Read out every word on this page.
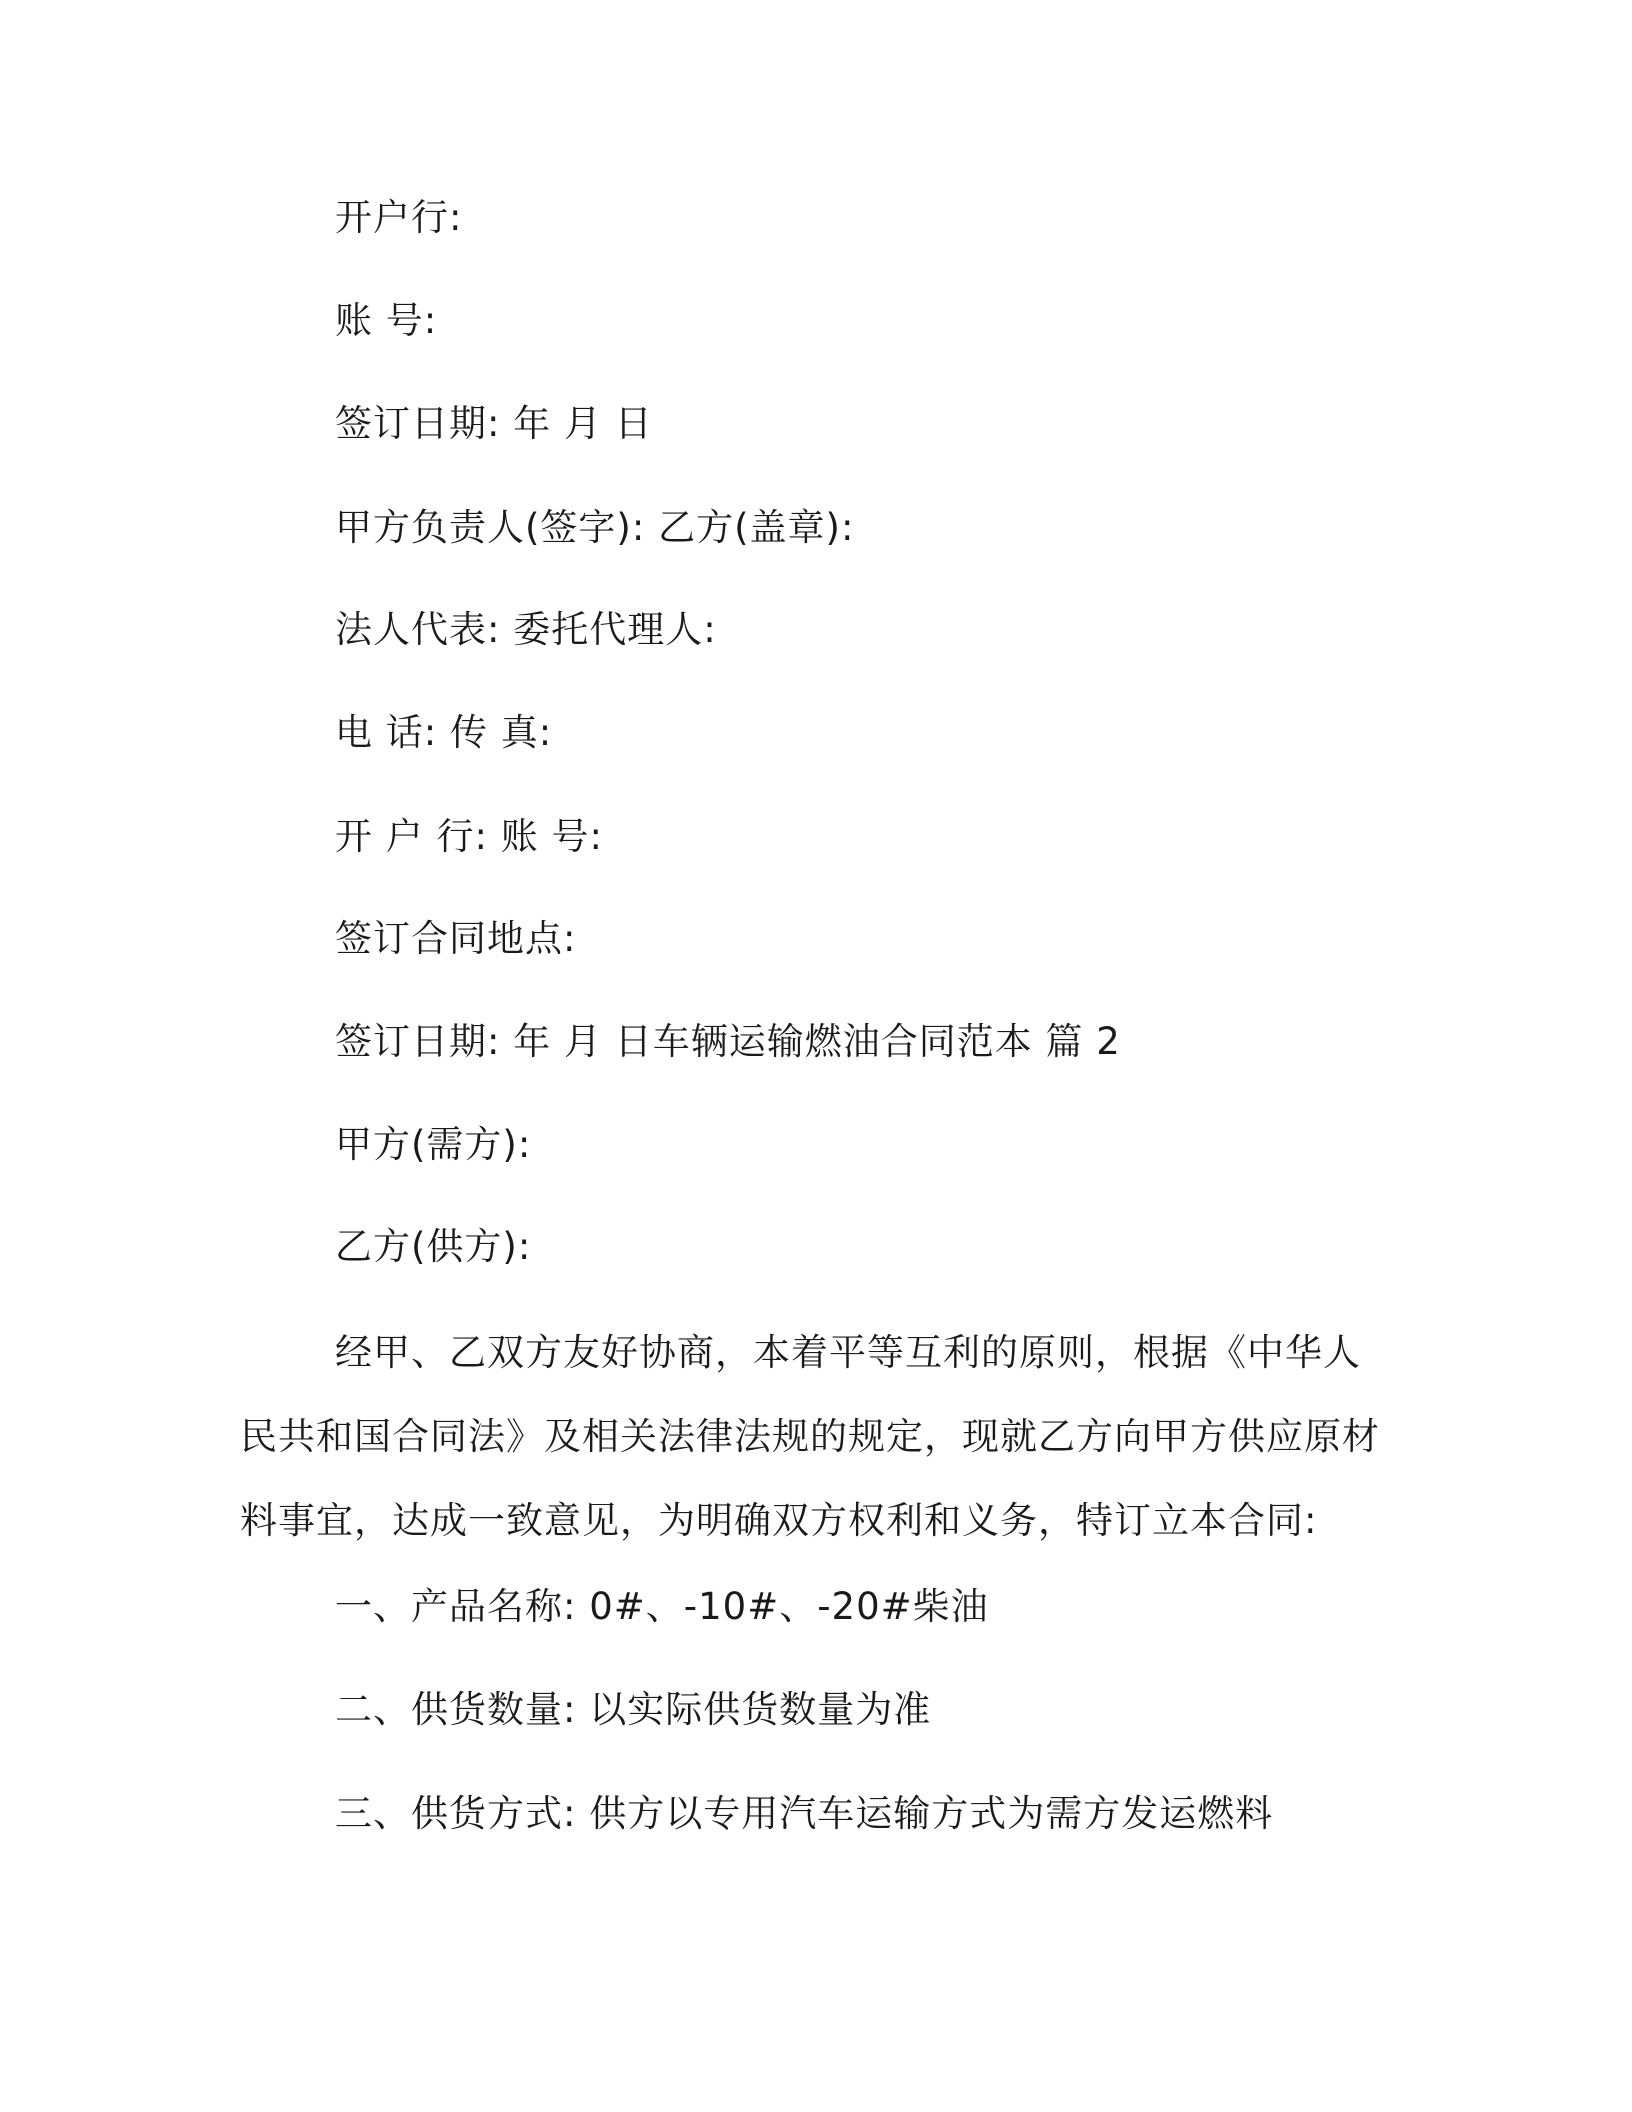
开户行:
账 号:
签订日期: 年 月 日
甲方负责人(签字): 乙方(盖章):
法人代表: 委托代理人:
电 话: 传 真:
开 户 行: 账 号:
签订合同地点:
签订日期: 年 月 日车辆运输燃油合同范本 篇 2
甲方(需方):
乙方(供方):
经甲、乙双方友好协商，本着平等互利的原则，根据《中华人民共和国合同法》及相关法律法规的规定，现就乙方向甲方供应原材料事宜，达成一致意见，为明确双方权利和义务，特订立本合同:
一、产品名称: 0#、-10#、-20#柴油
二、供货数量: 以实际供货数量为准
三、供货方式: 供方以专用汽车运输方式为需方发运燃料
